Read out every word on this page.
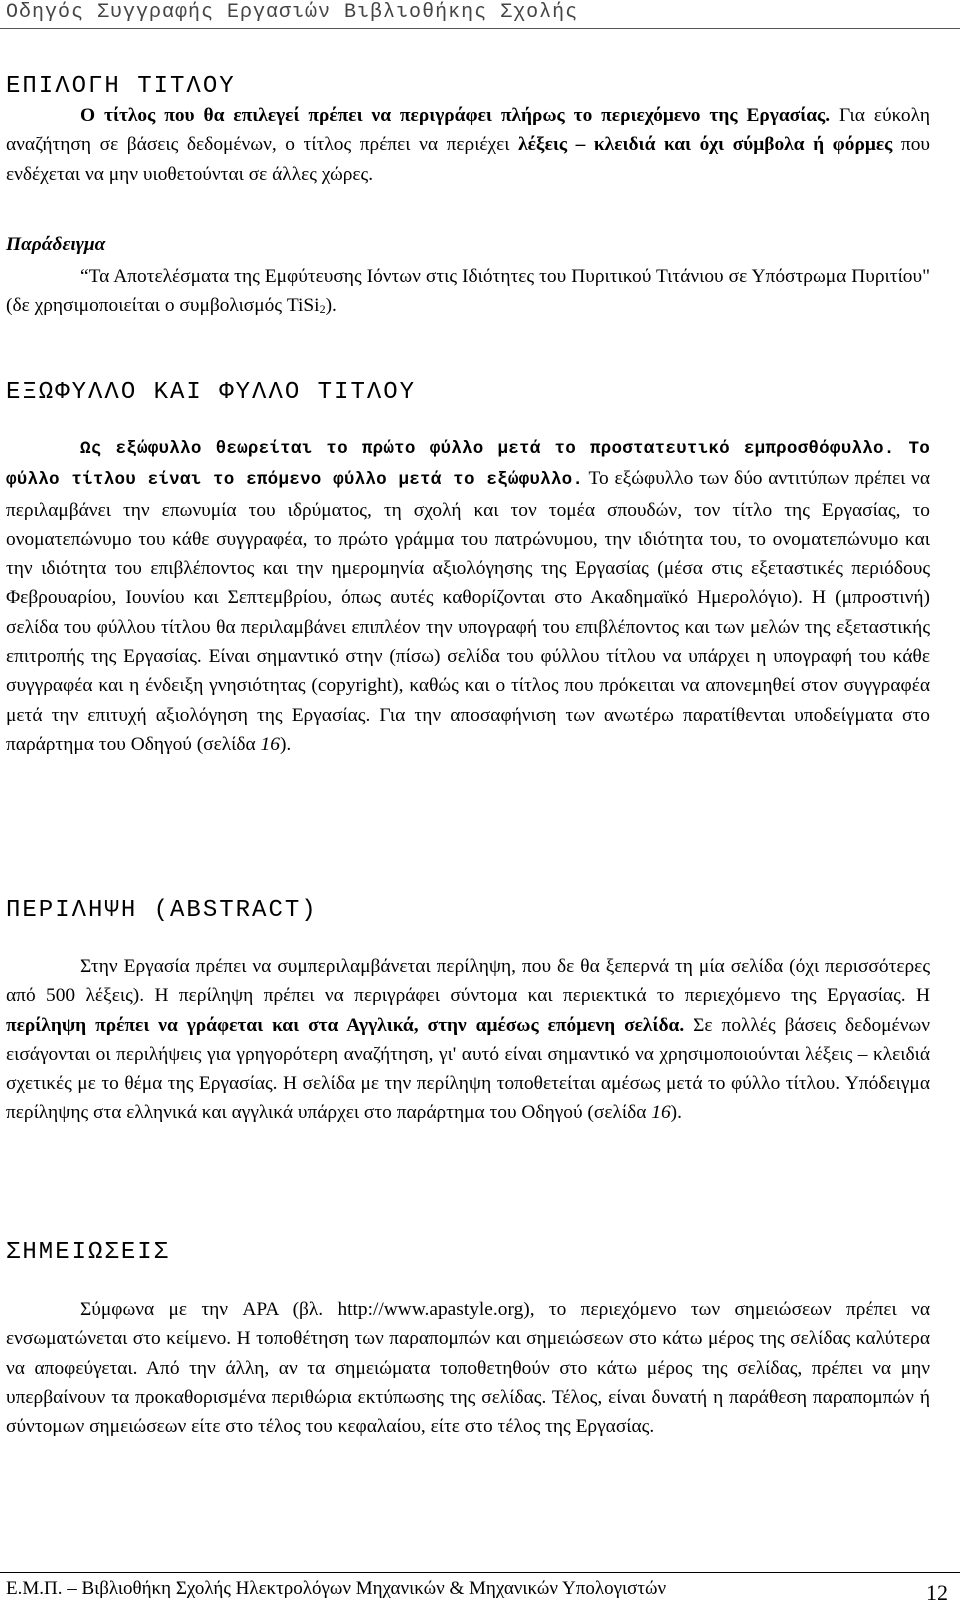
Οδηγός Συγγραφής Εργασιών Βιβλιοθήκης Σχολής
ΕΠΙΛΟΓΗ ΤΙΤΛΟΥ

Ο τίτλος που θα επιλεγεί πρέπει να περιγράφει πλήρως το περιεχόμενο της Εργασίας. Για εύκολη αναζήτηση σε βάσεις δεδομένων, ο τίτλος πρέπει να περιέχει λέξεις – κλειδιά και όχι σύμβολα ή φόρμες που ενδέχεται να μην υιοθετούνται σε άλλες χώρες.

Παράδειγμα

“Τα Αποτελέσματα της Εμφύτευσης Ιόντων στις Ιδιότητες του Πυριτικού Τιτάνιου σε Υπόστρωμα Πυριτίου" (δε χρησιμοποιείται ο συμβολισμός TiSi$_2$).

ΕΞΩΦΥΛΛΟ ΚΑΙ ΦΥΛΛΟ ΤΙΤΛΟΥ

Ως εξώφυλλο θεωρείται το πρώτο φύλλο μετά το προστατευτικό εμπροσθόφυλλο. Το φύλλο τίτλου είναι το επόμενο φύλλο μετά το εξώφυλλο. Το εξώφυλλο των δύο αντιτύπων πρέπει να περιλαμβάνει την επωνυμία του ιδρύματος, τη σχολή και τον τομέα σπουδών, τον τίτλο της Εργασίας, το ονοματεπώνυμο του κάθε συγγραφέα, το πρώτο γράμμα του πατρώνυμου, την ιδιότητα του, το ονοματεπώνυμο και την ιδιότητα του επιβλέποντος και την ημερομηνία αξιολόγησης της Εργασίας (μέσα στις εξεταστικές περιόδους Φεβρουαρίου, Ιουνίου και Σεπτεμβρίου, όπως αυτές καθορίζονται στο Ακαδημαϊκό Ημερολόγιο). Η (μπροστινή) σελίδα του φύλλου τίτλου θα περιλαμβάνει επιπλέον την υπογραφή του επιβλέποντος και των μελών της εξεταστικής επιτροπής της Εργασίας. Είναι σημαντικό στην (πίσω) σελίδα του φύλλου τίτλου να υπάρχει η υπογραφή του κάθε συγγραφέα και η ένδειξη γνησιότητας (copyright), καθώς και ο τίτλος που πρόκειται να απονεμηθεί στον συγγραφέα μετά την επιτυχή αξιολόγηση της Εργασίας. Για την αποσαφήνιση των ανωτέρω παρατίθενται υποδείγματα στο παράρτημα του Οδηγού (σελίδα 16).

ΠΕΡΙΛΗΨΗ (ABSTRACT)

Στην Εργασία πρέπει να συμπεριλαμβάνεται περίληψη, που δε θα ξεπερνά τη μία σελίδα (όχι περισσότερες από 500 λέξεις). Η περίληψη πρέπει να περιγράφει σύντομα και περιεκτικά το περιεχόμενο της Εργασίας. Η περίληψη πρέπει να γράφεται και στα Αγγλικά, στην αμέσως επόμενη σελίδα. Σε πολλές βάσεις δεδομένων εισάγονται οι περιλήψεις για γρηγορότερη αναζήτηση, γι' αυτό είναι σημαντικό να χρησιμοποιούνται λέξεις – κλειδιά σχετικές με το θέμα της Εργασίας. Η σελίδα με την περίληψη τοποθετείται αμέσως μετά το φύλλο τίτλου. Υπόδειγμα περίληψης στα ελληνικά και αγγλικά υπάρχει στο παράρτημα του Οδηγού (σελίδα 16).

ΣΗΜΕΙΩΣΕΙΣ

Σύμφωνα με την APA (βλ. http://www.apastyle.org), το περιεχόμενο των σημειώσεων πρέπει να ενσωματώνεται στο κείμενο. Η τοποθέτηση των παραπομπών και σημειώσεων στο κάτω μέρος της σελίδας καλύτερα να αποφεύγεται. Από την άλλη, αν τα σημειώματα τοποθετηθούν στο κάτω μέρος της σελίδας, πρέπει να μην υπερβαίνουν τα προκαθορισμένα περιθώρια εκτύπωσης της σελίδας. Τέλος, είναι δυνατή η παράθεση παραπομπών ή σύντομων σημειώσεων είτε στο τέλος του κεφαλαίου, είτε στο τέλος της Εργασίας.

Ε.Μ.Π. – Βιβλιοθήκη Σχολής Ηλεκτρολόγων Μηχανικών & Μηχανικών Υπολογιστών	12
